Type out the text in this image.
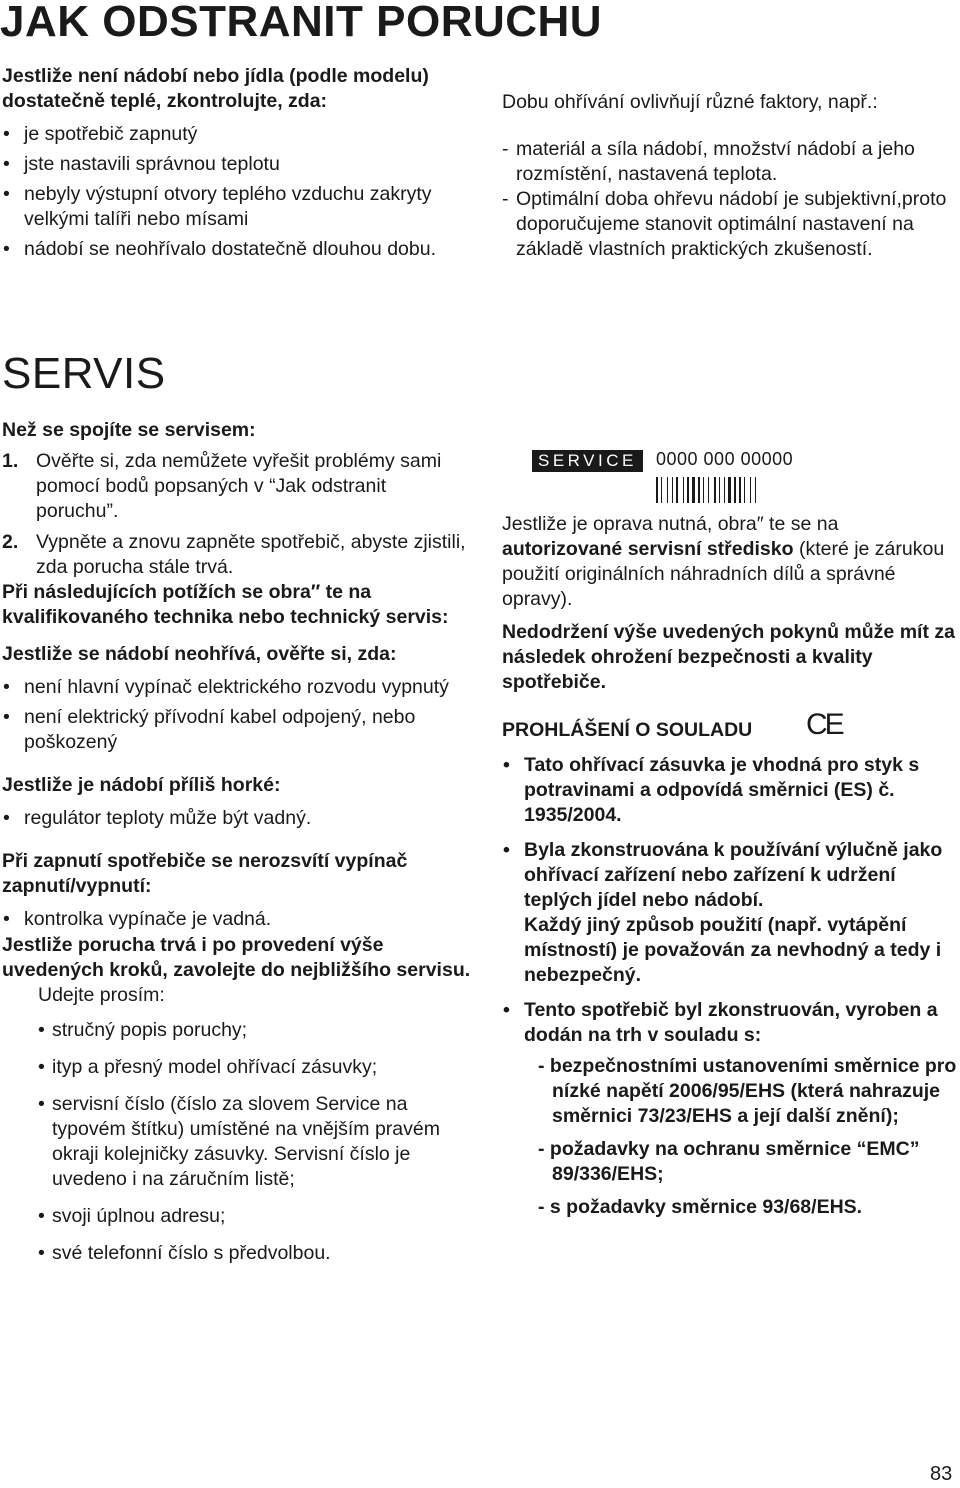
JAK ODSTRANIT PORUCHU
Jestliže není nádobí nebo jídla (podle modelu) dostatečně teplé, zkontrolujte, zda:
• je spotřebič zapnutý
• jste nastavili správnou teplotu
• nebyly výstupní otvory teplého vzduchu zakryty velkými talíři nebo mísami
• nádobí se neohřívalo dostatečně dlouhou dobu.
Dobu ohřívání ovlivňují různé faktory, např.:
- materiál a síla nádobí, množství nádobí a jeho rozmístění, nastavená teplota.
- Optimální doba ohřevu nádobí je subjektivní,proto doporučujeme stanovit optimální nastavení na základě vlastních praktických zkušeností.
SERVIS
Než se spojíte se servisem:
1. Ověřte si, zda nemůžete vyřešit problémy sami pomocí bodů popsaných v “Jak odstranit poruchu”.
2. Vypněte a znovu zapněte spotřebič, abyste zjistili, zda porucha stále trvá.
Při následujících potížích se obra″ te na kvalifikovaného technika nebo technický servis:
Jestliže se nádobí neohřívá, ověřte si, zda:
• není hlavní vypínač elektrického rozvodu vypnutý
• není elektrický přívodní kabel odpojený, nebo poškozený
Jestliže je nádobí příliš horké:
• regulátor teploty může být vadný.
Při zapnutí spotřebiče se nerozsvítí vypínač zapnutí/vypnutí:
• kontrolka vypínače je vadná.
Jestliže porucha trvá i po provedení výše uvedených kroků, zavolejte do nejbližšího servisu.
Udejte prosím:
• stručný popis poruchy;
• ityp a přesný model ohřívací zásuvky;
• servisní číslo (číslo za slovem Service na typovém štítku) umístěné na vnějším pravém okraji kolejničky zásuvky. Servisní číslo je uvedeno i na záručním listě;
• svoji úplnou adresu;
• své telefonní číslo s předvolbou.
SERVICE	0000 000 00000
Jestliže je oprava nutná, obra″ te se na autorizované servisní středisko (které je zárukou použití originálních náhradních dílů a správné opravy).
Nedodržení výše uvedených pokynů může mít za následek ohrožení bezpečnosti a kvality spotřebiče.
PROHLÁŠENÍ O SOULADU
• Tato ohřívací zásuvka je vhodná pro styk s potravinami a odpovídá směrnici (ES) č. 1935/2004.
• Byla zkonstruována k používání výlučně jako ohřívací zařízení nebo zařízení k udržení teplých jídel nebo nádobí.
Každý jiný způsob použití (např. vytápění místností) je považován za nevhodný a tedy i nebezpečný.
• Tento spotřebič byl zkonstruován, vyroben a dodán na trh v souladu s:
- bezpečnostními ustanoveními směrnice pro nízké napětí 2006/95/EHS (která nahrazuje směrnici 73/23/EHS a její další znění);
- požadavky na ochranu směrnice “EMC” 89/336/EHS;
- s požadavky směrnice 93/68/EHS.
CE
83
